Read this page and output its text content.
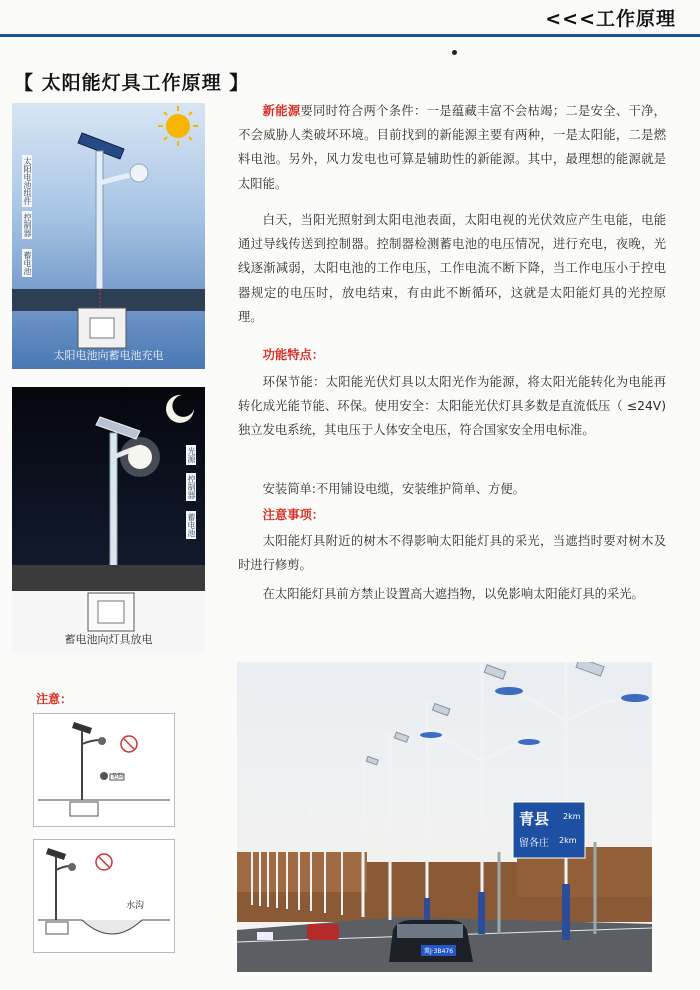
<<<工作原理
【 太阳能灯具工作原理 】
太阳电池组件
控制器
蓄电池
太阳电池向蓄电池充电
光源
控制器
蓄电池
蓄电池向灯具放电

新能源要同时符合两个条件：一是蕴藏丰富不会枯竭；二是安全、干净，不会威胁人类破坏环境。目前找到的新能源主要有两种，一是太阳能，二是燃料电池。另外，风力发电也可算是辅助性的新能源。其中，最理想的能源就是太阳能。

白天，当阳光照射到太阳电池表面，太阳电视的光伏效应产生电能，电能通过导线传送到控制器。控制器检测蓄电池的电压情况，进行充电，夜晚，光线逐渐减弱，太阳电池的工作电压，工作电流不断下降，当工作电压小于控电器规定的电压时，放电结束，有由此不断循环，这就是太阳能灯具的光控原理。

功能特点：

环保节能：太阳能光伏灯具以太阳光作为能源，将太阳光能转化为电能再转化成光能节能、环保。使用安全：太阳能光伏灯具多数是直流低压（ ≤24V)独立发电系统，其电压于人体安全电压，符合国家安全用电标准。

安装简单:不用铺设电缆，安装维护简单、方便。

注意事项：

太阳能灯具附近的树木不得影响太阳能灯具的采光，当遮挡时要对树木及时进行修剪。

在太阳能灯具前方禁止设置高大遮挡物，以免影响太阳能灯具的采光。

注意：
危险
水沟
青县 2km
留各庄 2km
冀J·3B476
